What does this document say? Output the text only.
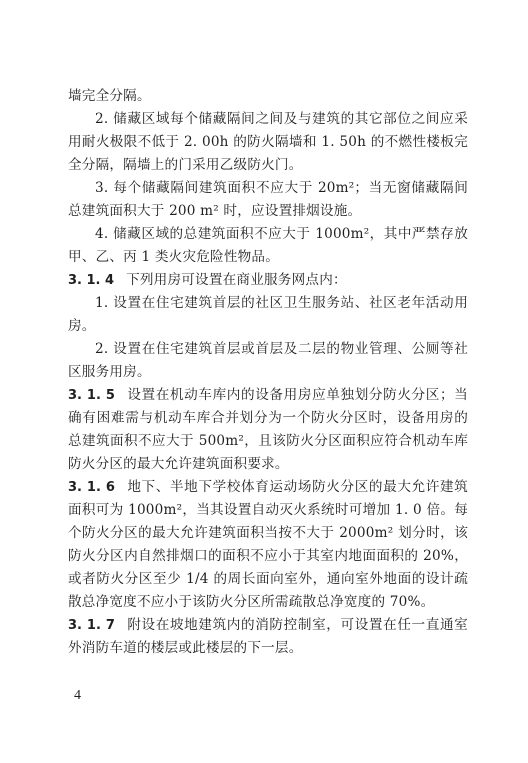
墙完全分隔。

2. 储藏区域每个储藏隔间之间及与建筑的其它部位之间应采用耐火极限不低于 2. 00h 的防火隔墙和 1. 50h 的不燃性楼板完全分隔，隔墙上的门采用乙级防火门。

3. 每个储藏隔间建筑面积不应大于 20m²；当无窗储藏隔间总建筑面积大于 200 m² 时，应设置排烟设施。

4. 储藏区域的总建筑面积不应大于 1000m²，其中严禁存放甲、乙、丙 1 类火灾危险性物品。

3. 1. 4 下列用房可设置在商业服务网点内：

1. 设置在住宅建筑首层的社区卫生服务站、社区老年活动用房。

2. 设置在住宅建筑首层或首层及二层的物业管理、公厕等社区服务用房。

3. 1. 5 设置在机动车库内的设备用房应单独划分防火分区；当确有困难需与机动车库合并划分为一个防火分区时，设备用房的总建筑面积不应大于 500m²，且该防火分区面积应符合机动车库防火分区的最大允许建筑面积要求。

3. 1. 6 地下、半地下学校体育运动场防火分区的最大允许建筑面积可为 1000m²，当其设置自动灭火系统时可增加 1. 0 倍。每个防火分区的最大允许建筑面积当按不大于 2000m² 划分时，该防火分区内自然排烟口的面积不应小于其室内地面面积的 20%，或者防火分区至少 1/4 的周长面向室外，通向室外地面的设计疏散总净宽度不应小于该防火分区所需疏散总净宽度的 70%。

3. 1. 7 附设在坡地建筑内的消防控制室，可设置在任一直通室外消防车道的楼层或此楼层的下一层。

4
